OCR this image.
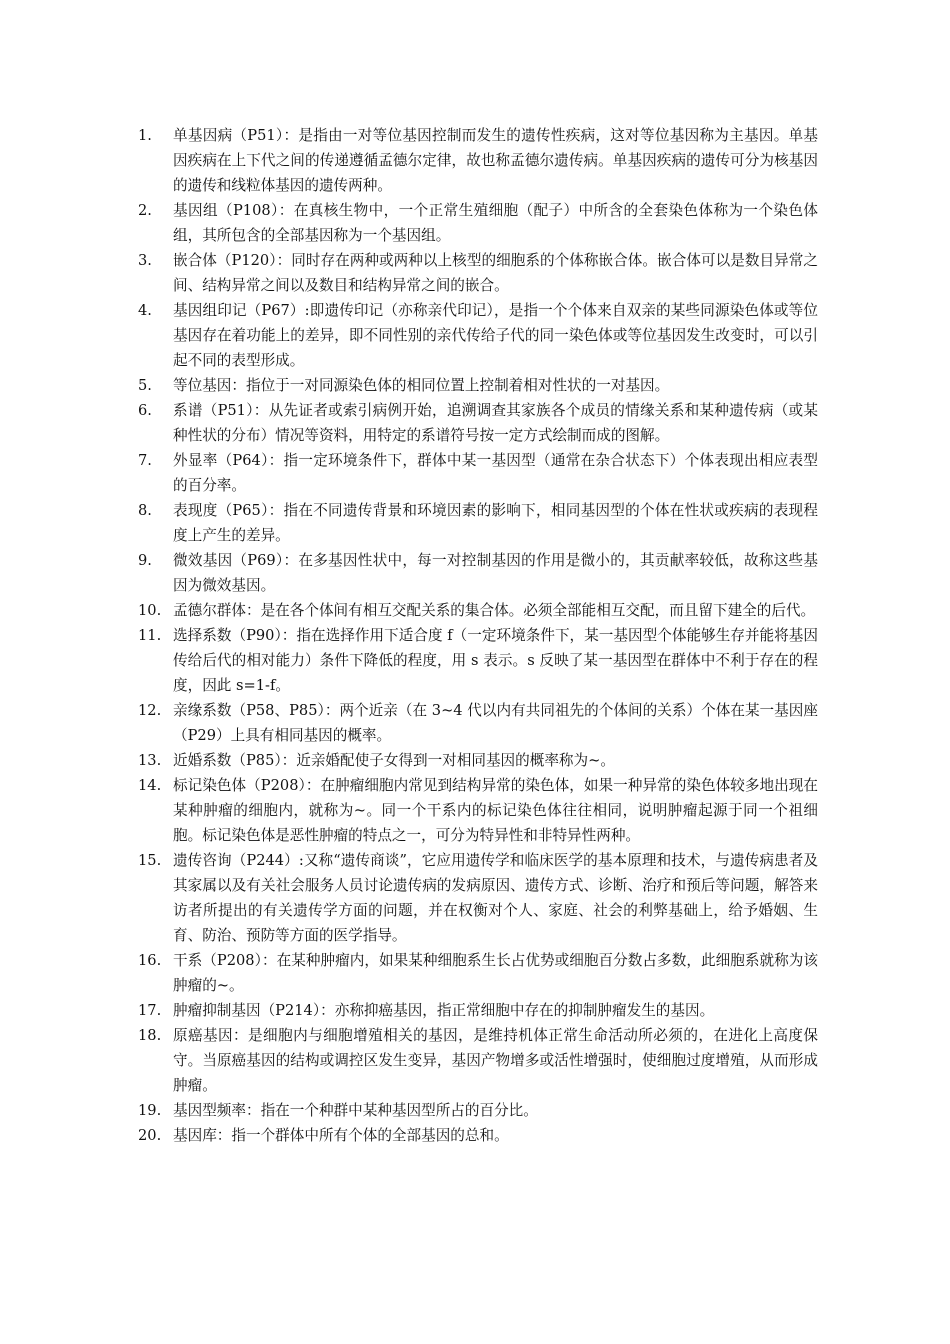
1.	单基因病（P51）：是指由一对等位基因控制而发生的遗传性疾病，这对等位基因称为主基因。单基因疾病在上下代之间的传递遵循孟德尔定律，故也称孟德尔遗传病。单基因疾病的遗传可分为核基因的遗传和线粒体基因的遗传两种。
2.	基因组（P108）：在真核生物中，一个正常生殖细胞（配子）中所含的全套染色体称为一个染色体组，其所包含的全部基因称为一个基因组。
3.	嵌合体（P120）：同时存在两种或两种以上核型的细胞系的个体称嵌合体。嵌合体可以是数目异常之间、结构异常之间以及数目和结构异常之间的嵌合。
4.	基因组印记（P67）:即遗传印记（亦称亲代印记），是指一个个体来自双亲的某些同源染色体或等位基因存在着功能上的差异，即不同性别的亲代传给子代的同一染色体或等位基因发生改变时，可以引起不同的表型形成。
5.	等位基因：指位于一对同源染色体的相同位置上控制着相对性状的一对基因。
6.	系谱（P51）：从先证者或索引病例开始，追溯调查其家族各个成员的情缘关系和某种遗传病（或某种性状的分布）情况等资料，用特定的系谱符号按一定方式绘制而成的图解。
7.	外显率（P64）：指一定环境条件下，群体中某一基因型（通常在杂合状态下）个体表现出相应表型的百分率。
8.	表现度（P65）：指在不同遗传背景和环境因素的影响下，相同基因型的个体在性状或疾病的表现程度上产生的差异。
9.	微效基因（P69）：在多基因性状中，每一对控制基因的作用是微小的，其贡献率较低，故称这些基因为微效基因。
10. 孟德尔群体：是在各个体间有相互交配关系的集合体。必须全部能相互交配，而且留下建全的后代。
11. 选择系数（P90）：指在选择作用下适合度 f（一定环境条件下，某一基因型个体能够生存并能将基因传给后代的相对能力）条件下降低的程度，用 s 表示。s 反映了某一基因型在群体中不利于存在的程度，因此 s=1-f。
12. 亲缘系数（P58、P85）：两个近亲（在 3~4 代以内有共同祖先的个体间的关系）个体在某一基因座（P29）上具有相同基因的概率。
13. 近婚系数（P85）：近亲婚配使子女得到一对相同基因的概率称为~。
14. 标记染色体（P208）：在肿瘤细胞内常见到结构异常的染色体，如果一种异常的染色体较多地出现在某种肿瘤的细胞内，就称为~。同一个干系内的标记染色体往往相同，说明肿瘤起源于同一个祖细胞。标记染色体是恶性肿瘤的特点之一，可分为特异性和非特异性两种。
15. 遗传咨询（P244）:又称“遗传商谈”，它应用遗传学和临床医学的基本原理和技术，与遗传病患者及其家属以及有关社会服务人员讨论遗传病的发病原因、遗传方式、诊断、治疗和预后等问题，解答来访者所提出的有关遗传学方面的问题，并在权衡对个人、家庭、社会的利弊基础上，给予婚姻、生育、防治、预防等方面的医学指导。
16. 干系（P208）：在某种肿瘤内，如果某种细胞系生长占优势或细胞百分数占多数，此细胞系就称为该肿瘤的~。
17. 肿瘤抑制基因（P214）：亦称抑癌基因，指正常细胞中存在的抑制肿瘤发生的基因。
18. 原癌基因：是细胞内与细胞增殖相关的基因，是维持机体正常生命活动所必须的，在进化上高度保守。当原癌基因的结构或调控区发生变异，基因产物增多或活性增强时，使细胞过度增殖，从而形成肿瘤。
19. 基因型频率：指在一个种群中某种基因型所占的百分比。
20. 基因库：指一个群体中所有个体的全部基因的总和。
